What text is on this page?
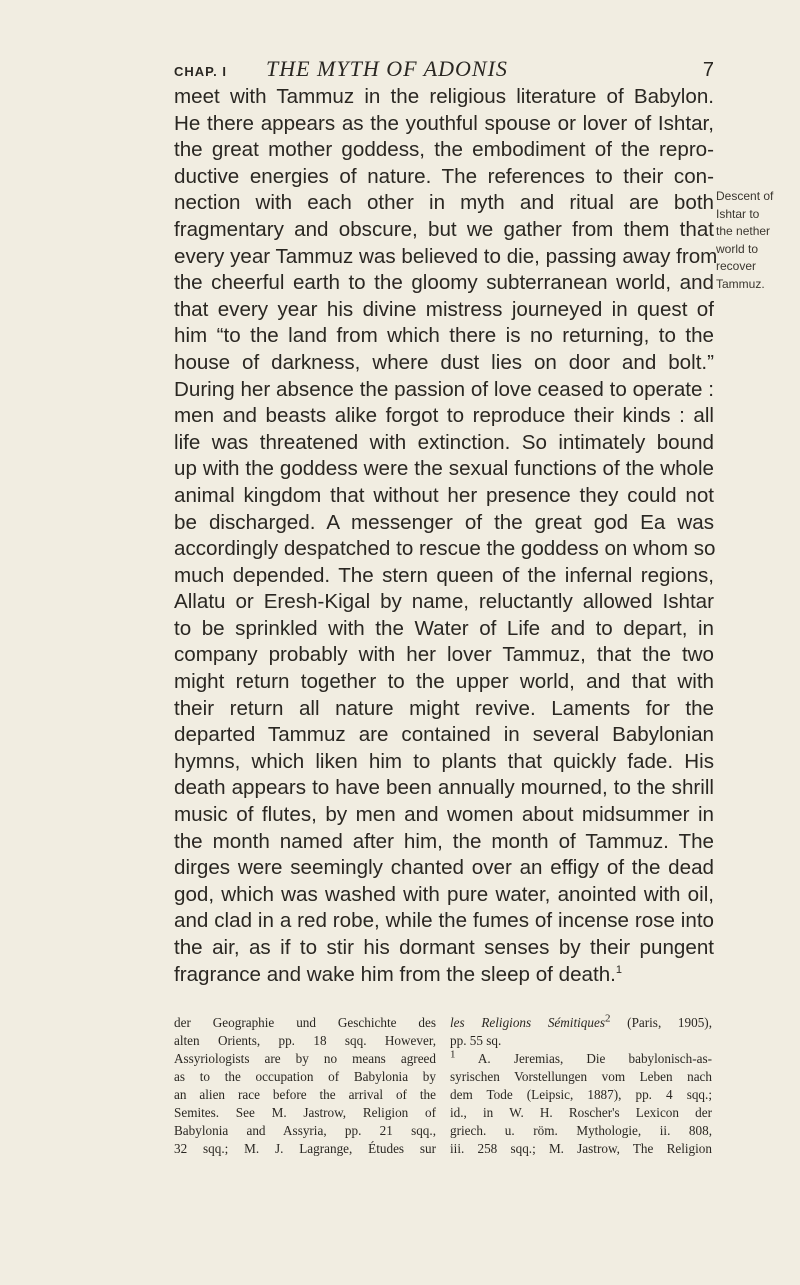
CHAP. I THE MYTH OF ADONIS	7
meet with Tammuz in the religious literature of Babylon.
He there appears as the youthful spouse or lover of Ishtar,
the great mother goddess, the embodiment of the repro-
ductive energies of nature. The references to their con-
nection with each other in myth and ritual are both
fragmentary and obscure, but we gather from them that
every year Tammuz was believed to die, passing away from
the cheerful earth to the gloomy subterranean world, and
that every year his divine mistress journeyed in quest of
him “to the land from which there is no returning, to the
house of darkness, where dust lies on door and bolt.”
During her absence the passion of love ceased to operate :
men and beasts alike forgot to reproduce their kinds : all
life was threatened with extinction. So intimately bound
up with the goddess were the sexual functions of the whole
animal kingdom that without her presence they could not
be discharged. A messenger of the great god Ea was
accordingly despatched to rescue the goddess on whom so
much depended. The stern queen of the infernal regions,
Allatu or Eresh-Kigal by name, reluctantly allowed Ishtar
to be sprinkled with the Water of Life and to depart, in
company probably with her lover Tammuz, that the two
might return together to the upper world, and that with
their return all nature might revive. Laments for the
departed Tammuz are contained in several Babylonian
hymns, which liken him to plants that quickly fade. His
death appears to have been annually mourned, to the shrill
music of flutes, by men and women about midsummer in
the month named after him, the month of Tammuz. The
dirges were seemingly chanted over an effigy of the dead
god, which was washed with pure water, anointed with oil,
and clad in a red robe, while the fumes of incense rose into
the air, as if to stir his dormant senses by their pungent
fragrance and wake him from the sleep of death.$^1$
Descent of
Ishtar to
the nether
world to
recover
Tammuz.
der Geographie und Geschichte des
alten Orients, pp. 18 sqq. However,
Assyriologists are by no means agreed
as to the occupation of Babylonia by
an alien race before the arrival of the
Semites. See M. Jastrow, Religion of
Babylonia and Assyria, pp. 21 sqq.,
32 sqq.; M. J. Lagrange, Études sur
les Religions Sémitiques$^2$ (Paris, 1905),
pp. 55 sq.
$^1$ A. Jeremias, Die babylonisch-as-
syrischen Vorstellungen vom Leben nach
dem Tode (Leipsic, 1887), pp. 4 sqq.;
id., in W. H. Roscher's Lexicon der
griech. u. röm. Mythologie, ii. 808,
iii. 258 sqq.; M. Jastrow, The Religion
